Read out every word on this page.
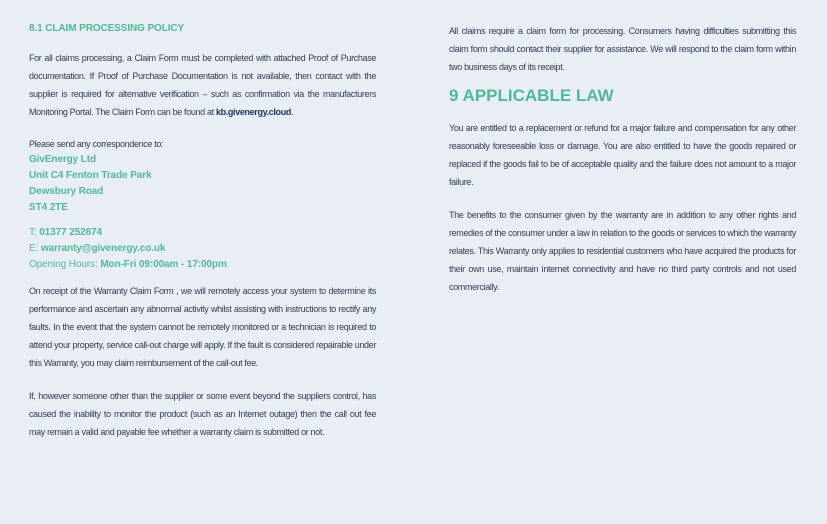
8.1 CLAIM PROCESSING POLICY

For all claims processing, a Claim Form must be completed with attached Proof of Purchase documentation. If Proof of Purchase Documentation is not available, then contact with the supplier is required for alternative verification – such as confirmation via the manufacturers Monitoring Portal. The Claim Form can be found at kb.givenergy.cloud.

Please send any correspondence to:
GivEnergy Ltd
Unit C4 Fenton Trade Park
Dewsbury Road
ST4 2TE
T: 01377 252874
E: warranty@givenergy.co.uk
Opening Hours: Mon-Fri 09:00am - 17:00pm

On receipt of the Warranty Claim Form , we will remotely access your system to determine its performance and ascertain any abnormal activity whilst assisting with instructions to rectify any faults. In the event that the system cannot be remotely monitored or a technician is required to attend your property, service call-out charge will apply. If the fault is considered repairable under this Warranty, you may claim reimbursement of the call-out fee.

If, however someone other than the supplier or some event beyond the suppliers control, has caused the inability to monitor the product (such as an Internet outage) then the call out fee may remain a valid and payable fee whether a warranty claim is submitted or not.

All claims require a claim form for processing. Consumers having difficulties submitting this claim form should contact their supplier for assistance. We will respond to the claim form within two business days of its receipt.

9 APPLICABLE LAW

You are entitled to a replacement or refund for a major failure and compensation for any other reasonably foreseeable loss or damage. You are also entitled to have the goods repaired or replaced if the goods fail to be of acceptable quality and the failure does not amount to a major failure.

The benefits to the consumer given by the warranty are in addition to any other rights and remedies of the consumer under a law in relation to the goods or services to which the warranty relates. This Warranty only applies to residential customers who have acquired the products for their own use, maintain internet connectivity and have no third party controls and not used commercially.
